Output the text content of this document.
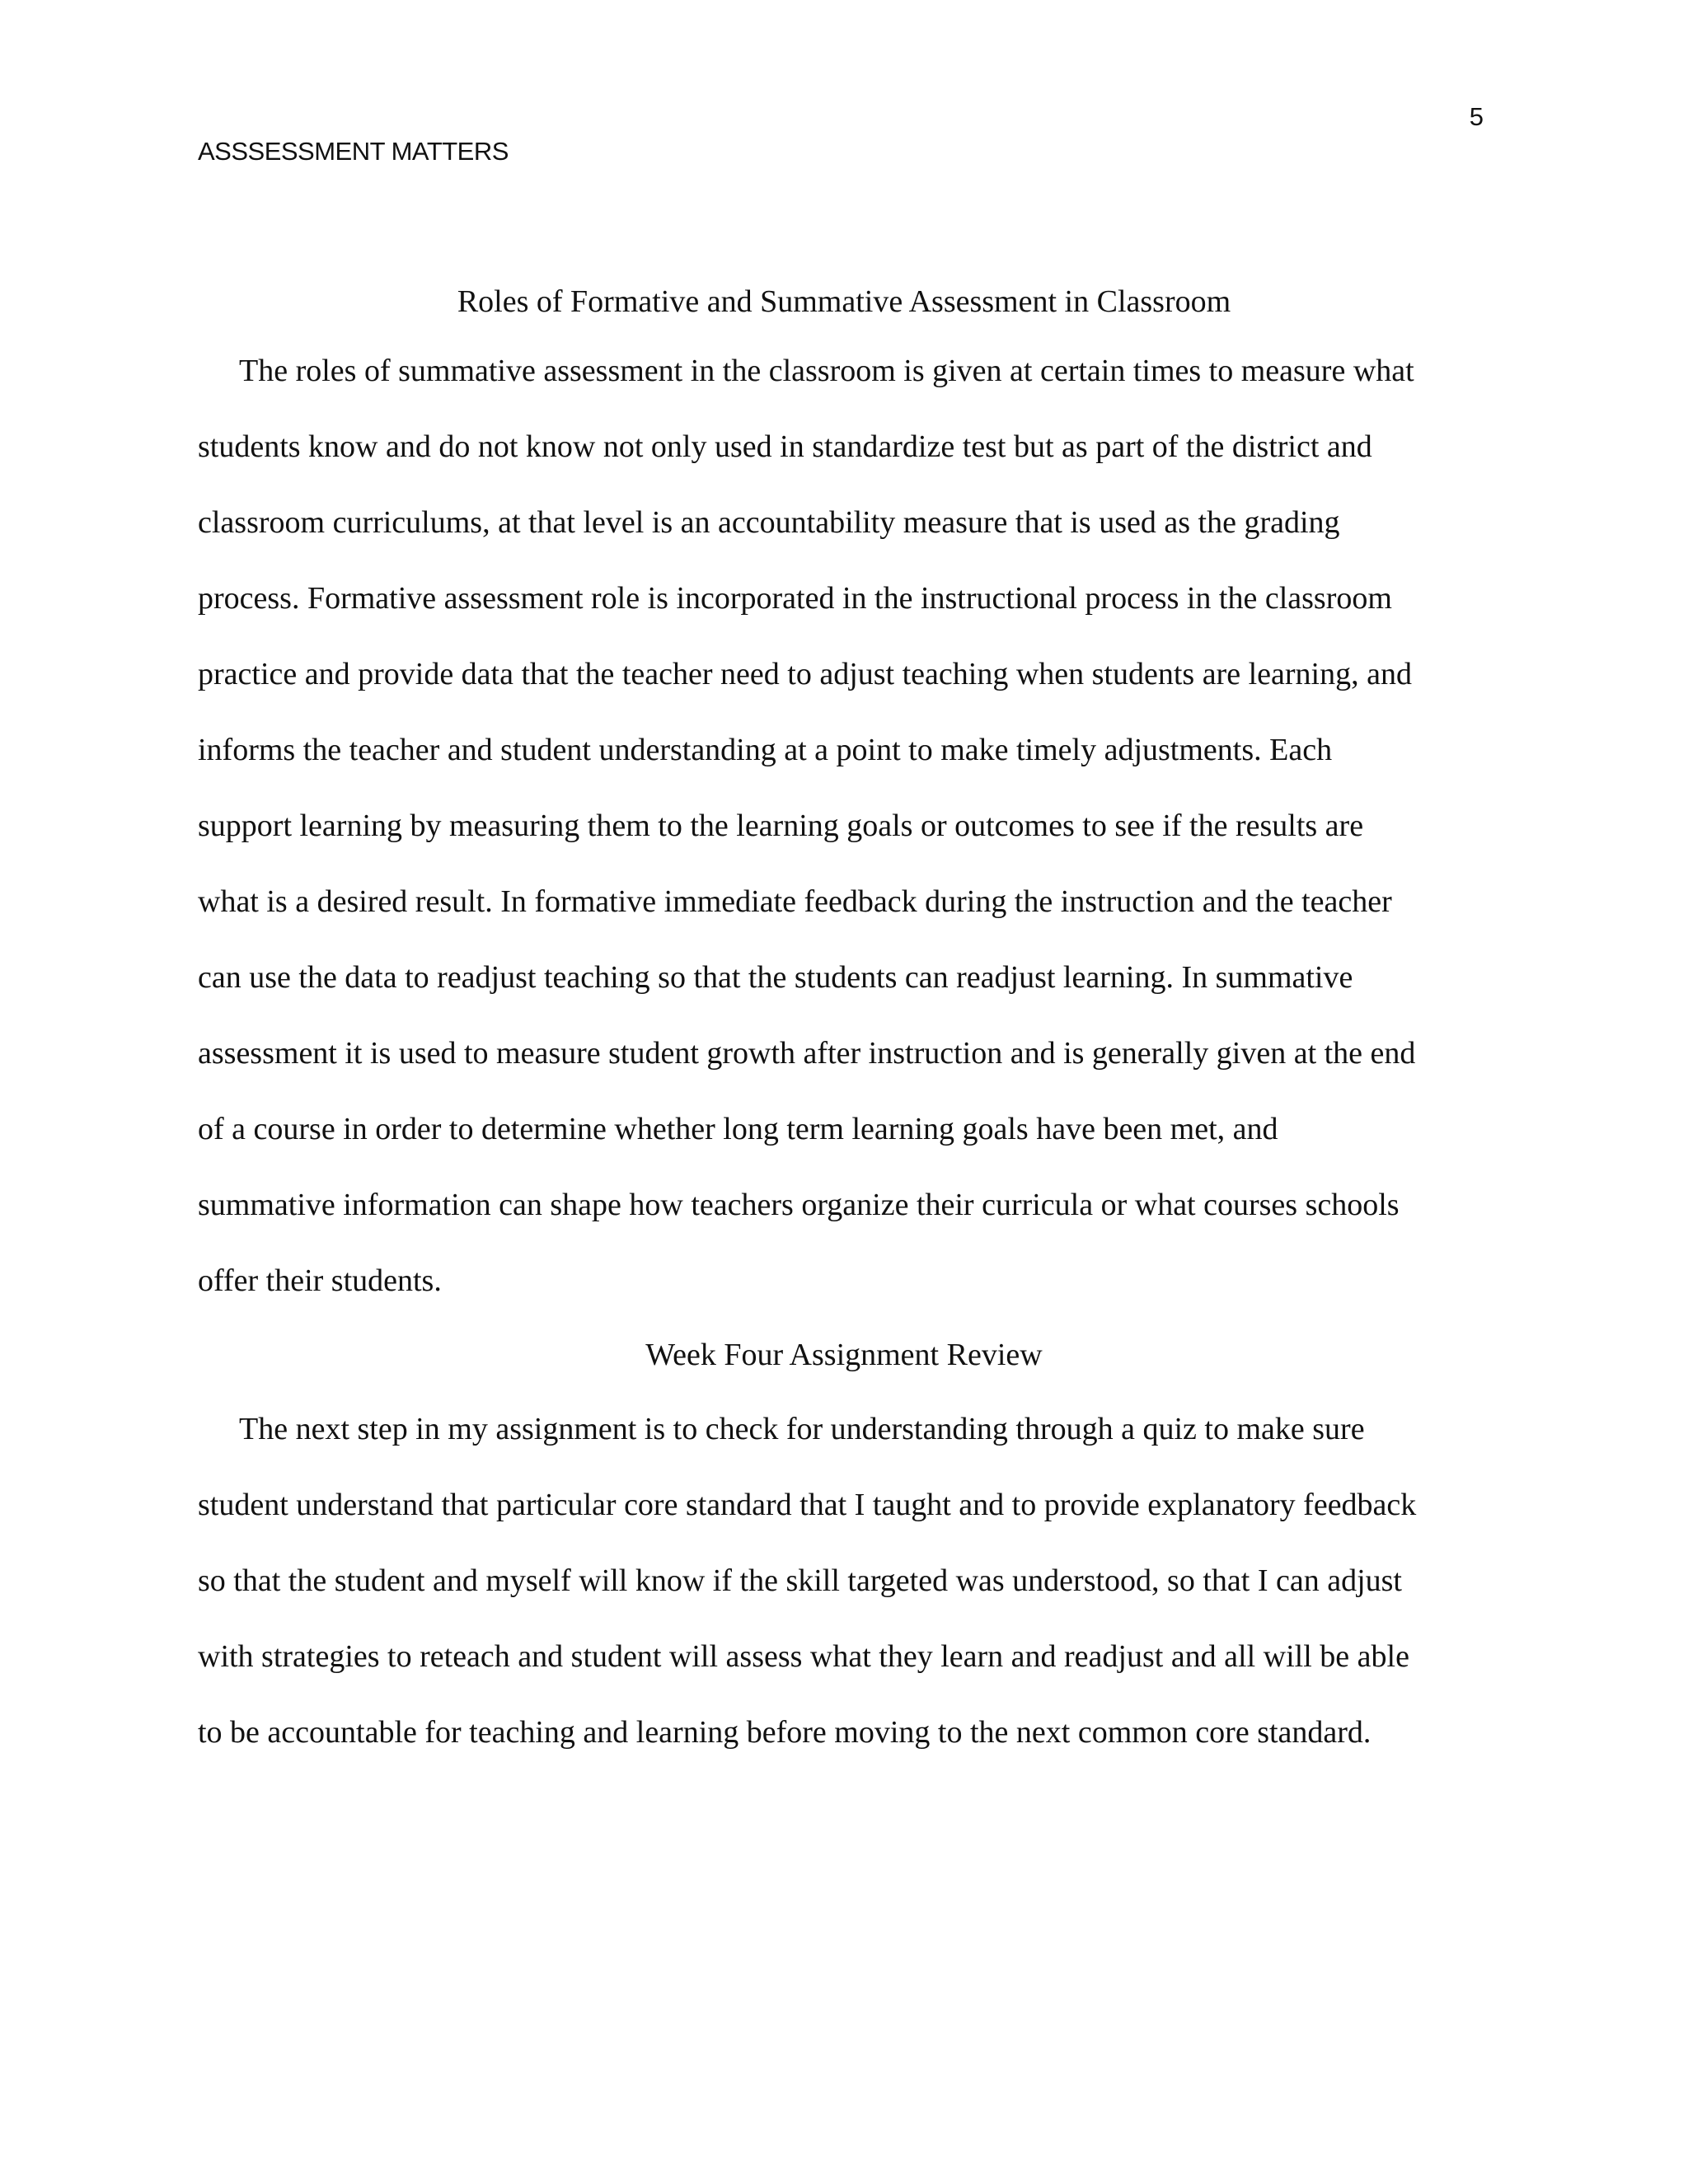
ASSSESSMENT MATTERS
5
Roles of Formative and Summative Assessment in Classroom
The roles of summative assessment in the classroom is given at certain times to measure what
students know and do not know not only used in standardize test but as part of the district and
classroom curriculums, at that level is an accountability measure that is used as the grading
process. Formative assessment role is incorporated in the instructional process in the classroom
practice and provide data that the teacher need to adjust teaching when students are learning, and
informs the teacher and student understanding at a point to make timely adjustments. Each
support learning by measuring them to the learning goals or outcomes to see if the results are
what is a desired result. In formative immediate feedback during the instruction and the teacher
can use the data to readjust teaching so that the students can readjust learning. In summative
assessment it is used to measure student growth after instruction and is generally given at the end
of a course in order to determine whether long term learning goals have been met, and
summative information can shape how teachers organize their curricula or what courses schools
offer their students.
Week Four Assignment Review
The next step in my assignment is to check for understanding through a quiz to make sure
student understand that particular core standard that I taught and to provide explanatory feedback
so that the student and myself will know if the skill targeted was understood, so that I can adjust
with strategies to reteach and student will assess what they learn and readjust and all will be able
to be accountable for teaching and learning before moving to the next common core standard.
